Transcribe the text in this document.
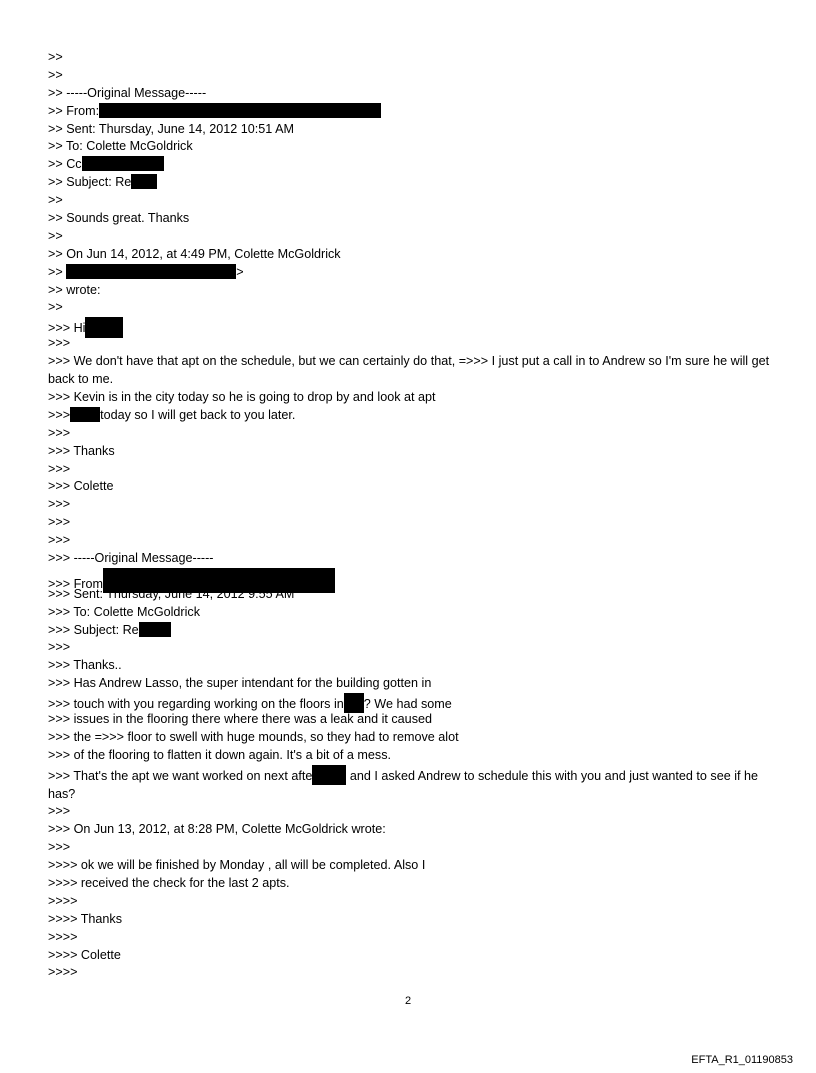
>>
>>
>> -----Original Message-----
>> From:
>> Sent: Thursday, June 14, 2012 10:51 AM
>> To: Colette McGoldrick
>> Cc
>> Subject: Re
>>
>> Sounds great. Thanks
>>
>> On Jun 14, 2012, at 4:49 PM, Colette McGoldrick
>>	>
>> wrote:
>>
>>> Hi
>>>
>>> We don't have that apt on the schedule, but we can certainly do that, =>>> I just put a call in to Andrew so I'm sure he will get back to me.
>>> Kevin is in the city today so he is going to drop by and look at apt
>>> today so I will get back to you later.
>>>
>>> Thanks
>>>
>>> Colette
>>>
>>>
>>>
>>> -----Original Message-----
>>> From
>>> Sent: Thursday, June 14, 2012 9:55 AM
>>> To: Colette McGoldrick
>>> Subject: Re
>>>
>>> Thanks..
>>> Has Andrew Lasso, the super intendant for the building gotten in
>>> touch with you regarding working on the floors in ? We had some
>>> issues in the flooring there where there was a leak and it caused
>>> the =>>> floor to swell with huge mounds, so they had to remove alot
>>> of the flooring to flatten it down again. It's a bit of a mess.
>>> That's the apt we want worked on next afte	and I asked Andrew to schedule this with you and just wanted to see if he has?
>>>
>>> On Jun 13, 2012, at 8:28 PM, Colette McGoldrick wrote:
>>>
>>>> ok we will be finished by Monday , all will be completed. Also I
>>>> received the check for the last 2 apts.
>>>>
>>>> Thanks
>>>>
>>>> Colette
>>>>
2
EFTA_R1_01190853
